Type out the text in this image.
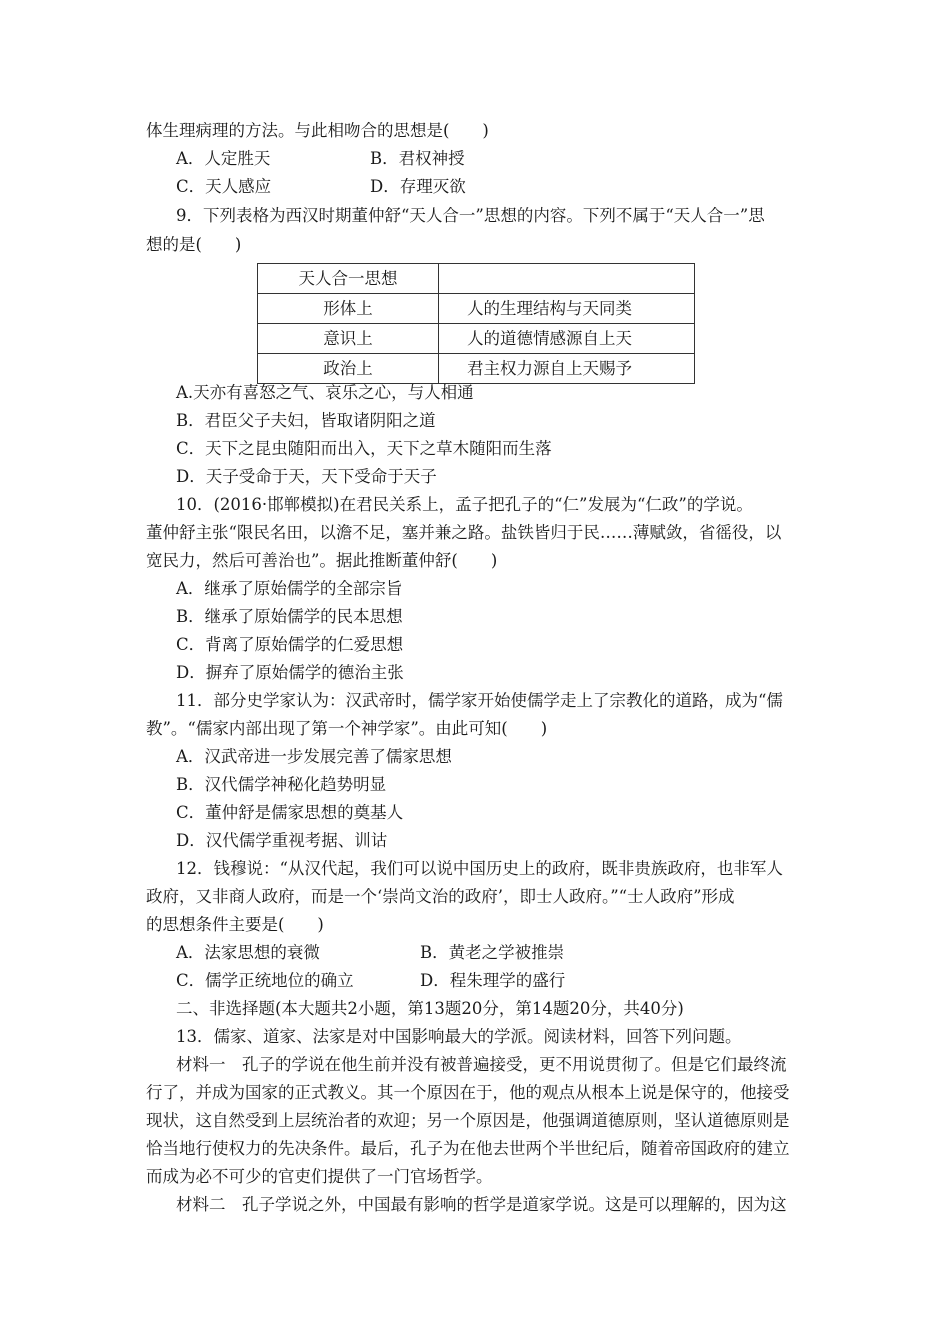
体生理病理的方法。与此相吻合的思想是(　　)
A．人定胜天	B．君权神授
C．天人感应	D．存理灭欲
9．下列表格为西汉时期董仲舒“天人合一”思想的内容。下列不属于“天人合一”思
想的是(　　)
天人合一思想	
形体上	人的生理结构与天同类
意识上	人的道德情感源自上天
政治上	君主权力源自上天赐予
A.天亦有喜怒之气、哀乐之心，与人相通
B．君臣父子夫妇，皆取诸阴阳之道
C．天下之昆虫随阳而出入，天下之草木随阳而生落
D．天子受命于天，天下受命于天子
10．(2016·邯郸模拟)在君民关系上，孟子把孔子的“仁”发展为“仁政”的学说。
董仲舒主张“限民名田，以澹不足，塞并兼之路。盐铁皆归于民……薄赋敛，省徭役，以
宽民力，然后可善治也”。据此推断董仲舒(　　)
A．继承了原始儒学的全部宗旨
B．继承了原始儒学的民本思想
C．背离了原始儒学的仁爱思想
D．摒弃了原始儒学的德治主张
11．部分史学家认为：汉武帝时，儒学家开始使儒学走上了宗教化的道路，成为“儒
教”。“儒家内部出现了第一个神学家”。由此可知(　　)
A．汉武帝进一步发展完善了儒家思想
B．汉代儒学神秘化趋势明显
C．董仲舒是儒家思想的奠基人
D．汉代儒学重视考据、训诂
12．钱穆说：“从汉代起，我们可以说中国历史上的政府，既非贵族政府，也非军人
政府，又非商人政府，而是一个‘崇尚文治的政府’，即士人政府。”“士人政府”形成
的思想条件主要是(　　)
A．法家思想的衰微	B．黄老之学被推崇
C．儒学正统地位的确立	D．程朱理学的盛行
二、非选择题(本大题共2小题，第13题20分，第14题20分，共40分)
13．儒家、道家、法家是对中国影响最大的学派。阅读材料，回答下列问题。
材料一　孔子的学说在他生前并没有被普遍接受，更不用说贯彻了。但是它们最终流
行了，并成为国家的正式教义。其一个原因在于，他的观点从根本上说是保守的，他接受
现状，这自然受到上层统治者的欢迎；另一个原因是，他强调道德原则，坚认道德原则是
恰当地行使权力的先决条件。最后，孔子为在他去世两个半世纪后，随着帝国政府的建立
而成为必不可少的官吏们提供了一门官场哲学。
材料二　孔子学说之外，中国最有影响的哲学是道家学说。这是可以理解的，因为这
